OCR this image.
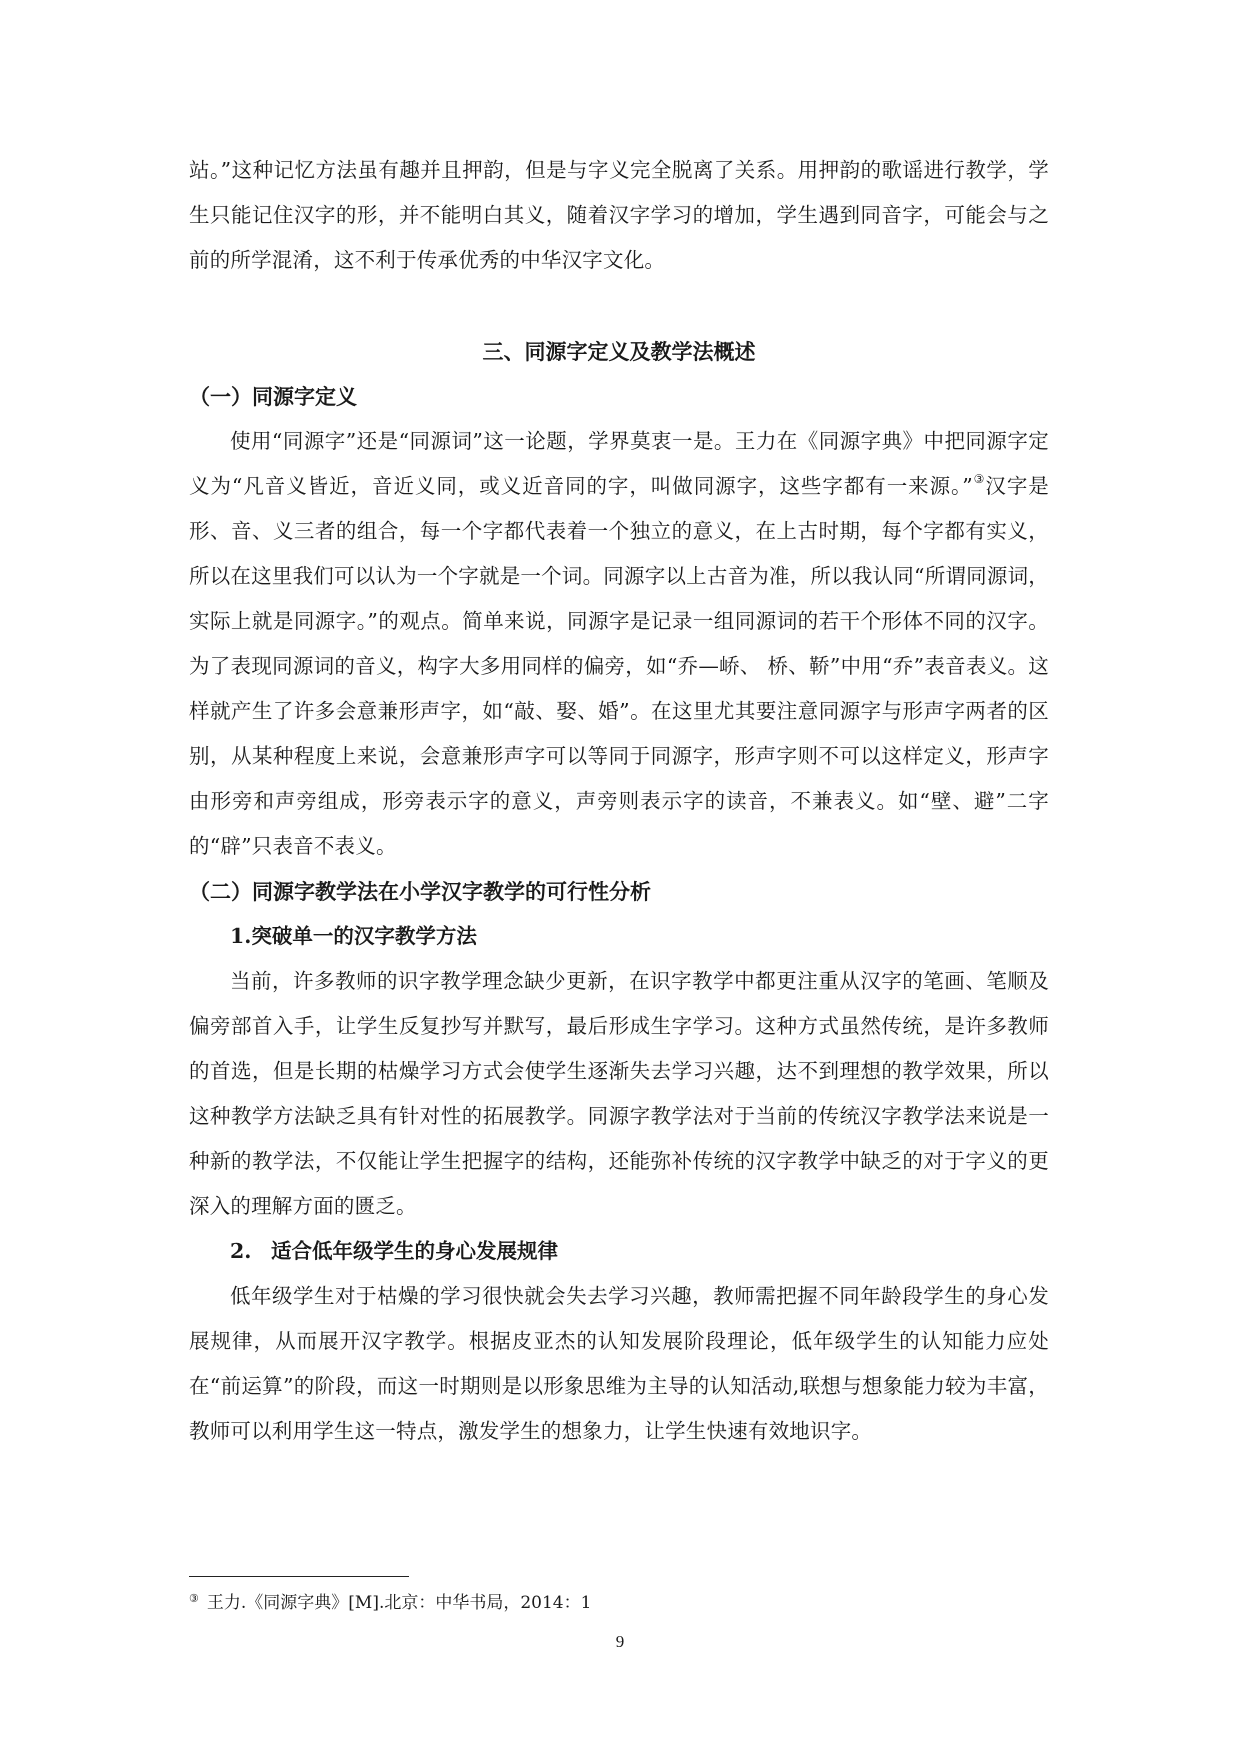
站。”这种记忆方法虽有趣并且押韵，但是与字义完全脱离了关系。用押韵的歌谣进行教学，学生只能记住汉字的形，并不能明白其义，随着汉字学习的增加，学生遇到同音字，可能会与之前的所学混淆，这不利于传承优秀的中华汉字文化。

三、同源字定义及教学法概述
（一）同源字定义

使用“同源字”还是“同源词”这一论题，学界莫衷一是。王力在《同源字典》中把同源字定义为“凡音义皆近，音近义同，或义近音同的字，叫做同源字，这些字都有一来源。”③汉字是形、音、义三者的组合，每一个字都代表着一个独立的意义，在上古时期，每个字都有实义，所以在这里我们可以认为一个字就是一个词。同源字以上古音为准，所以我认同“所谓同源词，实际上就是同源字。”的观点。简单来说，同源字是记录一组同源词的若干个形体不同的汉字。为了表现同源词的音义，构字大多用同样的偏旁，如“乔—峤、 桥、鞒”中用“乔”表音表义。这样就产生了许多会意兼形声字，如“敲、娶、婚”。在这里尤其要注意同源字与形声字两者的区别，从某种程度上来说，会意兼形声字可以等同于同源字，形声字则不可以这样定义，形声字由形旁和声旁组成，形旁表示字的意义，声旁则表示字的读音，不兼表义。如“壁、避”二字的“辟”只表音不表义。

（二）同源字教学法在小学汉字教学的可行性分析
1.突破单一的汉字教学方法

当前，许多教师的识字教学理念缺少更新，在识字教学中都更注重从汉字的笔画、笔顺及偏旁部首入手，让学生反复抄写并默写，最后形成生字学习。这种方式虽然传统，是许多教师的首选，但是长期的枯燥学习方式会使学生逐渐失去学习兴趣，达不到理想的教学效果，所以这种教学方法缺乏具有针对性的拓展教学。同源字教学法对于当前的传统汉字教学法来说是一种新的教学法，不仅能让学生把握字的结构，还能弥补传统的汉字教学中缺乏的对于字义的更深入的理解方面的匮乏。

2. 适合低年级学生的身心发展规律

低年级学生对于枯燥的学习很快就会失去学习兴趣，教师需把握不同年龄段学生的身心发展规律，从而展开汉字教学。根据皮亚杰的认知发展阶段理论，低年级学生的认知能力应处在“前运算”的阶段，而这一时期则是以形象思维为主导的认知活动,联想与想象能力较为丰富，教师可以利用学生这一特点，激发学生的想象力，让学生快速有效地识字。

③ 王力.《同源字典》[M].北京：中华书局，2014：1
9
